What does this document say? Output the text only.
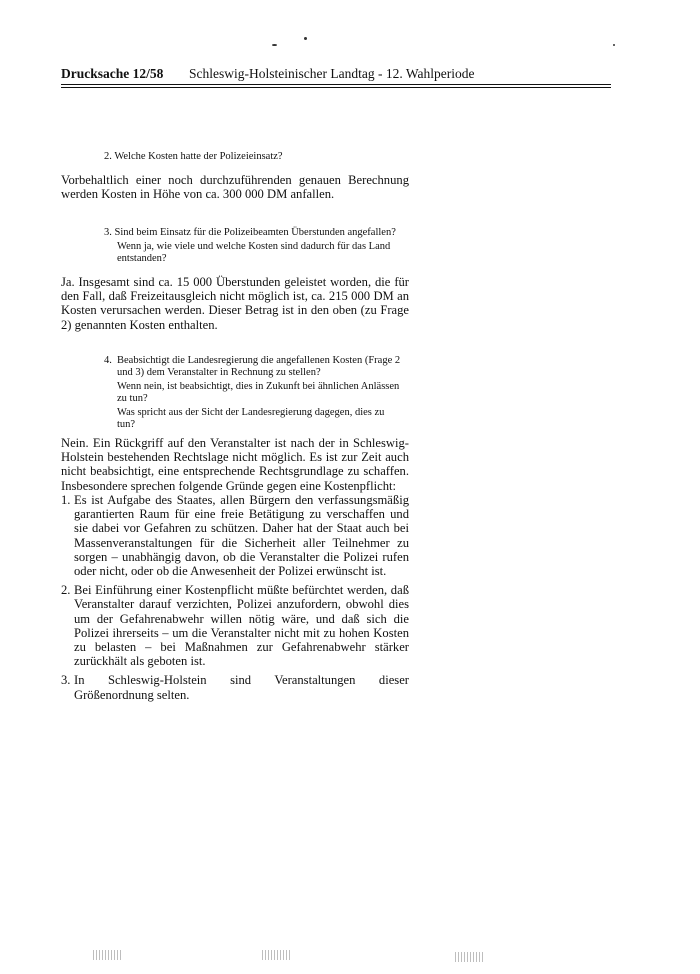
Drucksache 12/58 Schleswig-Holsteinischer Landtag - 12. Wahlperiode
2. Welche Kosten hatte der Polizeieinsatz?

Vorbehaltlich einer noch durchzuführenden genauen Berechnung werden Kosten in Höhe von ca. 300 000 DM anfallen.

3. Sind beim Einsatz für die Polizeibeamten Überstunden angefallen?
Wenn ja, wie viele und welche Kosten sind dadurch für das Land entstanden?

Ja. Insgesamt sind ca. 15 000 Überstunden geleistet worden, die für den Fall, daß Freizeitausgleich nicht möglich ist, ca. 215 000 DM an Kosten verursachen werden. Dieser Betrag ist in den oben (zu Frage 2) genannten Kosten enthalten.

4. Beabsichtigt die Landesregierung die angefallenen Kosten (Frage 2 und 3) dem Veranstalter in Rechnung zu stellen?
Wenn nein, ist beabsichtigt, dies in Zukunft bei ähnlichen Anlässen zu tun?
Was spricht aus der Sicht der Landesregierung dagegen, dies zu tun?

Nein. Ein Rückgriff auf den Veranstalter ist nach der in Schleswig-Holstein bestehenden Rechtslage nicht möglich. Es ist zur Zeit auch nicht beabsichtigt, eine entsprechende Rechtsgrundlage zu schaffen. Insbesondere sprechen folgende Gründe gegen eine Kostenpflicht:

1. Es ist Aufgabe des Staates, allen Bürgern den verfassungsmäßig garantierten Raum für eine freie Betätigung zu verschaffen und sie dabei vor Gefahren zu schützen. Daher hat der Staat auch bei Massenveranstaltungen für die Sicherheit aller Teilnehmer zu sorgen – unabhängig davon, ob die Veranstalter die Polizei rufen oder nicht, oder ob die Anwesenheit der Polizei erwünscht ist.
2. Bei Einführung einer Kostenpflicht müßte befürchtet werden, daß Veranstalter darauf verzichten, Polizei anzufordern, obwohl dies um der Gefahrenabwehr willen nötig wäre, und daß sich die Polizei ihrerseits – um die Veranstalter nicht mit zu hohen Kosten zu belasten – bei Maßnahmen zur Gefahrenabwehr stärker zurückhält als geboten ist.
3. In Schleswig-Holstein sind Veranstaltungen dieser Größenordnung selten.
